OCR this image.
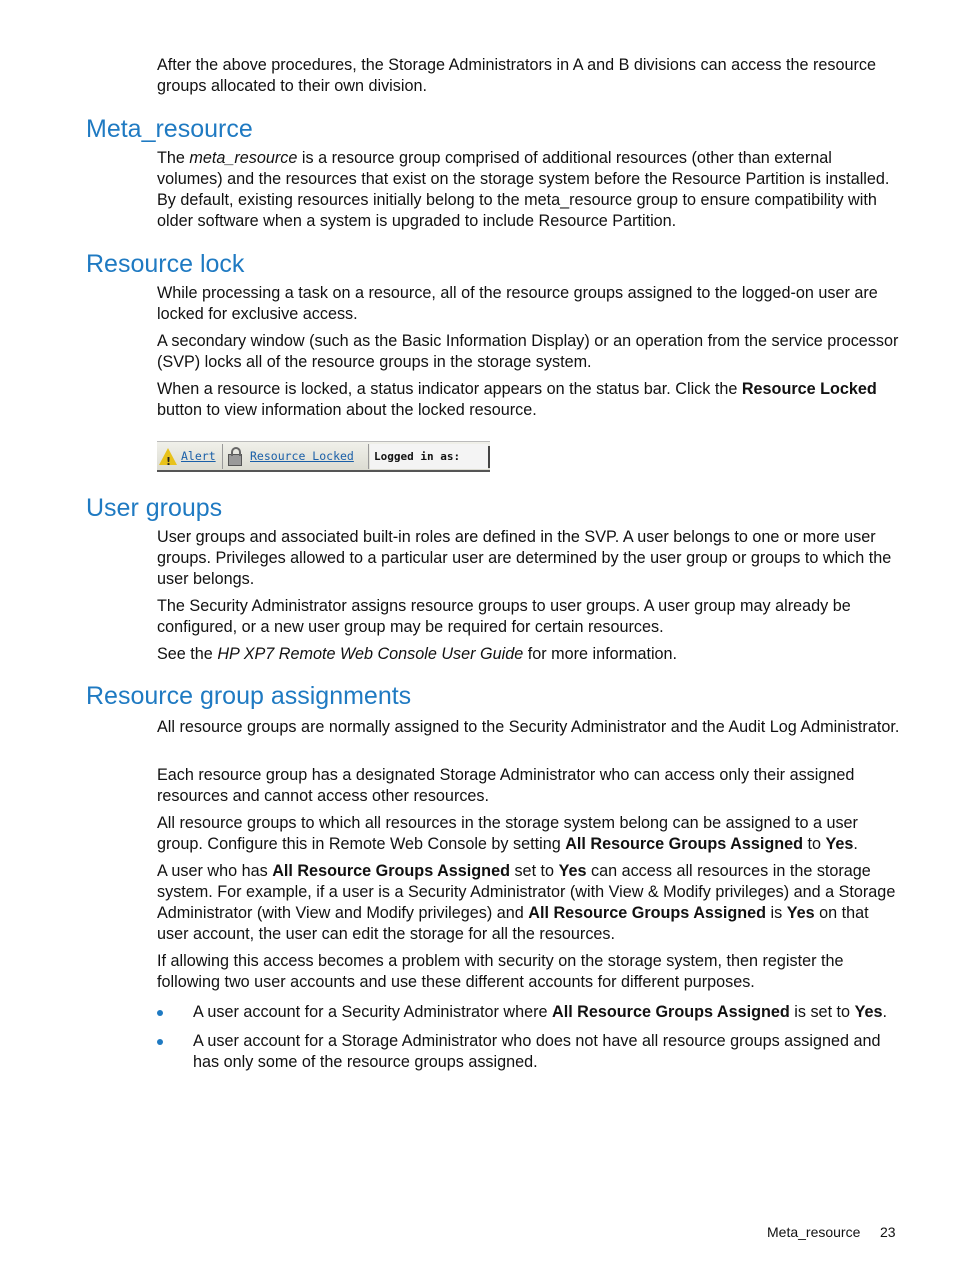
After the above procedures, the Storage Administrators in A and B divisions can access the resource groups allocated to their own division.

Meta_resource

The meta_resource is a resource group comprised of additional resources (other than external volumes) and the resources that exist on the storage system before the Resource Partition is installed. By default, existing resources initially belong to the meta_resource group to ensure compatibility with older software when a system is upgraded to include Resource Partition.

Resource lock

While processing a task on a resource, all of the resource groups assigned to the logged-on user are locked for exclusive access.

A secondary window (such as the Basic Information Display) or an operation from the service processor (SVP) locks all of the resource groups in the storage system.

When a resource is locked, a status indicator appears on the status bar. Click the Resource Locked button to view information about the locked resource.

!
Alert	Resource Locked	Logged in as:
User groups

User groups and associated built-in roles are defined in the SVP. A user belongs to one or more user groups. Privileges allowed to a particular user are determined by the user group or groups to which the user belongs.

The Security Administrator assigns resource groups to user groups. A user group may already be configured, or a new user group may be required for certain resources.

See the HP XP7 Remote Web Console User Guide for more information.

Resource group assignments

All resource groups are normally assigned to the Security Administrator and the Audit Log Administrator.

Each resource group has a designated Storage Administrator who can access only their assigned resources and cannot access other resources.

All resource groups to which all resources in the storage system belong can be assigned to a user group. Configure this in Remote Web Console by setting All Resource Groups Assigned to Yes.

A user who has All Resource Groups Assigned set to Yes can access all resources in the storage system. For example, if a user is a Security Administrator (with View & Modify privileges) and a Storage Administrator (with View and Modify privileges) and All Resource Groups Assigned is Yes on that user account, the user can edit the storage for all the resources.

If allowing this access becomes a problem with security on the storage system, then register the following two user accounts and use these different accounts for different purposes.

A user account for a Security Administrator where All Resource Groups Assigned is set to Yes.
A user account for a Storage Administrator who does not have all resource groups assigned and has only some of the resource groups assigned.
Meta_resource 23
